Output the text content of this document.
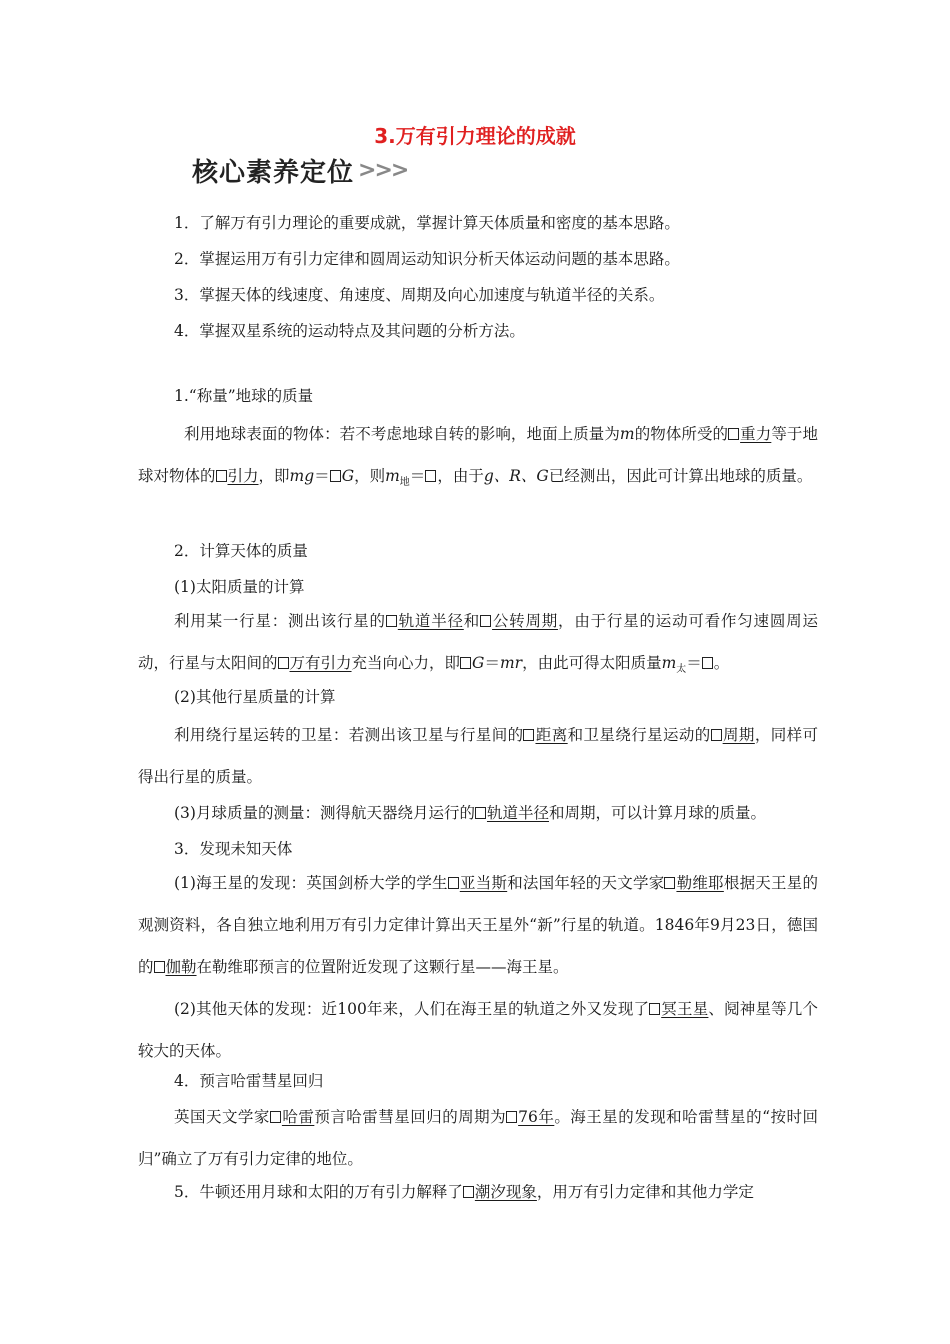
3.万有引力理论的成就
核心素养定位 >>>
1．了解万有引力理论的重要成就，掌握计算天体质量和密度的基本思路。
2．掌握运用万有引力定律和圆周运动知识分析天体运动问题的基本思路。
3．掌握天体的线速度、角速度、周期及向心加速度与轨道半径的关系。
4．掌握双星系统的运动特点及其问题的分析方法。
1.“称量”地球的质量
利用地球表面的物体：若不考虑地球自转的影响，地面上质量为m的物体所受的 重力等于地球对物体的 引力，即mg＝ G，则$m_地=$ ，由于g、R、G已经测出，因此可计算出地球的质量。
2．计算天体的质量
(1)太阳质量的计算
利用某一行星：测出该行星的 轨道半径和 公转周期，由于行星的运动可看作匀速圆周运动，行星与太阳间的 万有引力充当向心力，即 G＝mr，由此可得太阳质量$m_太=$ 。
(2)其他行星质量的计算
利用绕行星运转的卫星：若测出该卫星与行星间的 距离和卫星绕行星运动的 周期，同样可得出行星的质量。
(3)月球质量的测量：测得航天器绕月运行的 轨道半径和周期，可以计算月球的质量。
3．发现未知天体
(1)海王星的发现：英国剑桥大学的学生 亚当斯和法国年轻的天文学家 勒维耶根据天王星的观测资料，各自独立地利用万有引力定律计算出天王星外“新”行星的轨道。1846年9月23日，德国的 伽勒在勒维耶预言的位置附近发现了这颗行星——海王星。
(2)其他天体的发现：近100年来，人们在海王星的轨道之外又发现了 冥王星、阋神星等几个较大的天体。
4．预言哈雷彗星回归
英国天文学家 哈雷预言哈雷彗星回归的周期为 76年。海王星的发现和哈雷彗星的“按时回归”确立了万有引力定律的地位。
5．牛顿还用月球和太阳的万有引力解释了 潮汐现象，用万有引力定律和其他力学定
